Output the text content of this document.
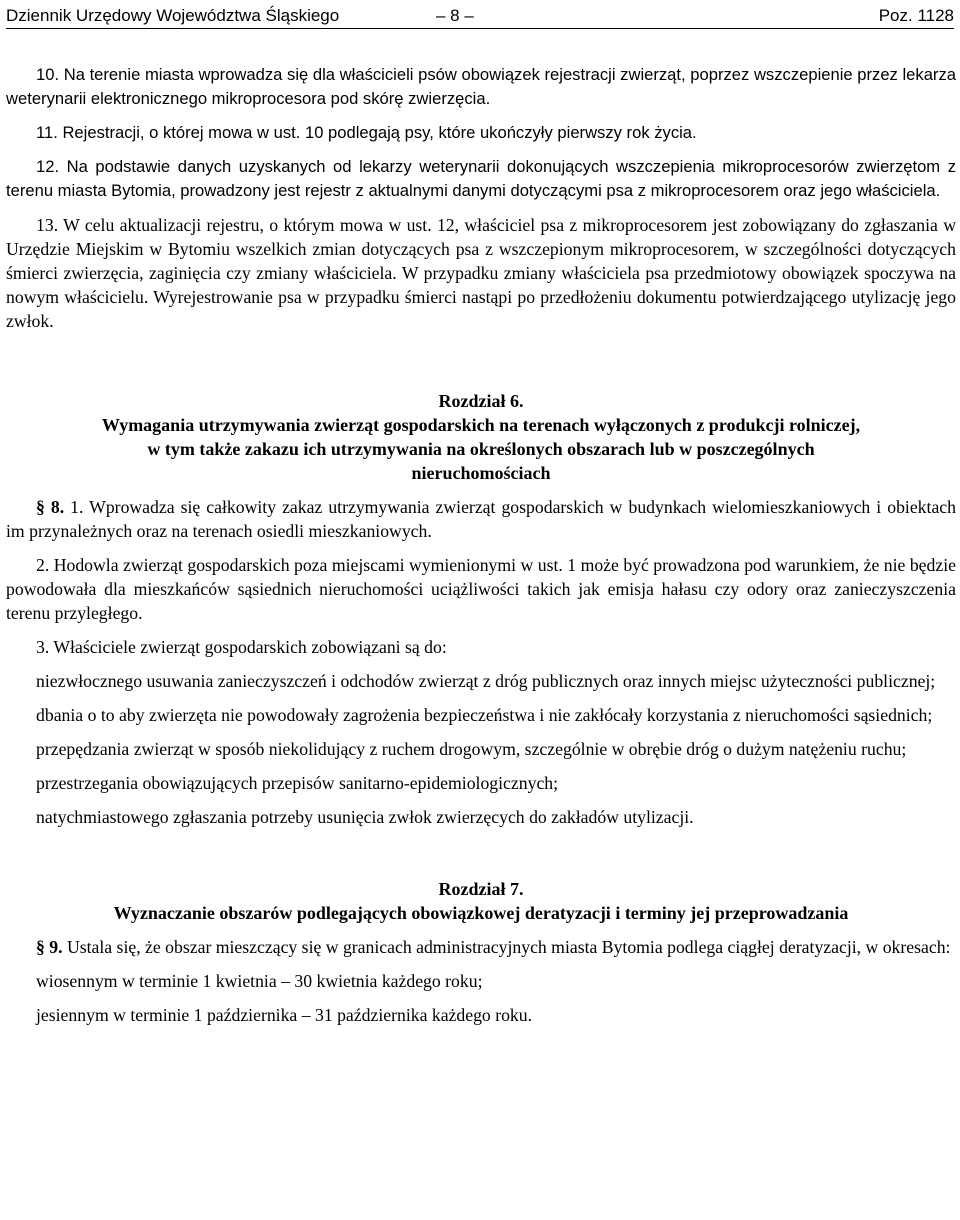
Dziennik Urzędowy Województwa Śląskiego	– 8 –	Poz. 1128

10. Na terenie miasta wprowadza się dla właścicieli psów obowiązek rejestracji zwierząt, poprzez wszczepienie przez lekarza weterynarii elektronicznego mikroprocesora pod skórę zwierzęcia.

11. Rejestracji, o której mowa w ust. 10 podlegają psy, które ukończyły pierwszy rok życia.

12. Na podstawie danych uzyskanych od lekarzy weterynarii dokonujących wszczepienia mikroprocesorów zwierzętom z terenu miasta Bytomia, prowadzony jest rejestr z aktualnymi danymi dotyczącymi psa z mikroprocesorem oraz jego właściciela.

13. W celu aktualizacji rejestru, o którym mowa w ust. 12, właściciel psa z mikroprocesorem jest zobowiązany do zgłaszania w Urzędzie Miejskim w Bytomiu wszelkich zmian dotyczących psa z wszczepionym mikroprocesorem, w szczególności dotyczących śmierci zwierzęcia, zaginięcia czy zmiany właściciela. W przypadku zmiany właściciela psa przedmiotowy obowiązek spoczywa na nowym właścicielu. Wyrejestrowanie psa w przypadku śmierci nastąpi po przedłożeniu dokumentu potwierdzającego utylizację jego zwłok.

Rozdział 6.

Wymagania utrzymywania zwierząt gospodarskich na terenach wyłączonych z produkcji rolniczej,

w tym także zakazu ich utrzymywania na określonych obszarach lub w poszczególnych

nieruchomościach

§ 8. 1. Wprowadza się całkowity zakaz utrzymywania zwierząt gospodarskich w budynkach wielomieszkaniowych i obiektach im przynależnych oraz na terenach osiedli mieszkaniowych.

2. Hodowla zwierząt gospodarskich poza miejscami wymienionymi w ust. 1 może być prowadzona pod warunkiem, że nie będzie powodowała dla mieszkańców sąsiednich nieruchomości uciążliwości takich jak emisja hałasu czy odory oraz zanieczyszczenia terenu przyległego.

3. Właściciele zwierząt gospodarskich zobowiązani są do:

niezwłocznego usuwania zanieczyszczeń i odchodów zwierząt z dróg publicznych oraz innych miejsc użyteczności publicznej;

dbania o to aby zwierzęta nie powodowały zagrożenia bezpieczeństwa i nie zakłócały korzystania z nieruchomości sąsiednich;

przepędzania zwierząt w sposób niekolidujący z ruchem drogowym, szczególnie w obrębie dróg o dużym natężeniu ruchu;

przestrzegania obowiązujących przepisów sanitarno-epidemiologicznych;

natychmiastowego zgłaszania potrzeby usunięcia zwłok zwierzęcych do zakładów utylizacji.

Rozdział 7.

Wyznaczanie obszarów podlegających obowiązkowej deratyzacji i terminy jej przeprowadzania

§ 9. Ustala się, że obszar mieszczący się w granicach administracyjnych miasta Bytomia podlega ciągłej deratyzacji, w okresach:

wiosennym w terminie 1 kwietnia – 30 kwietnia każdego roku;

jesiennym w terminie 1 października – 31 października każdego roku.
